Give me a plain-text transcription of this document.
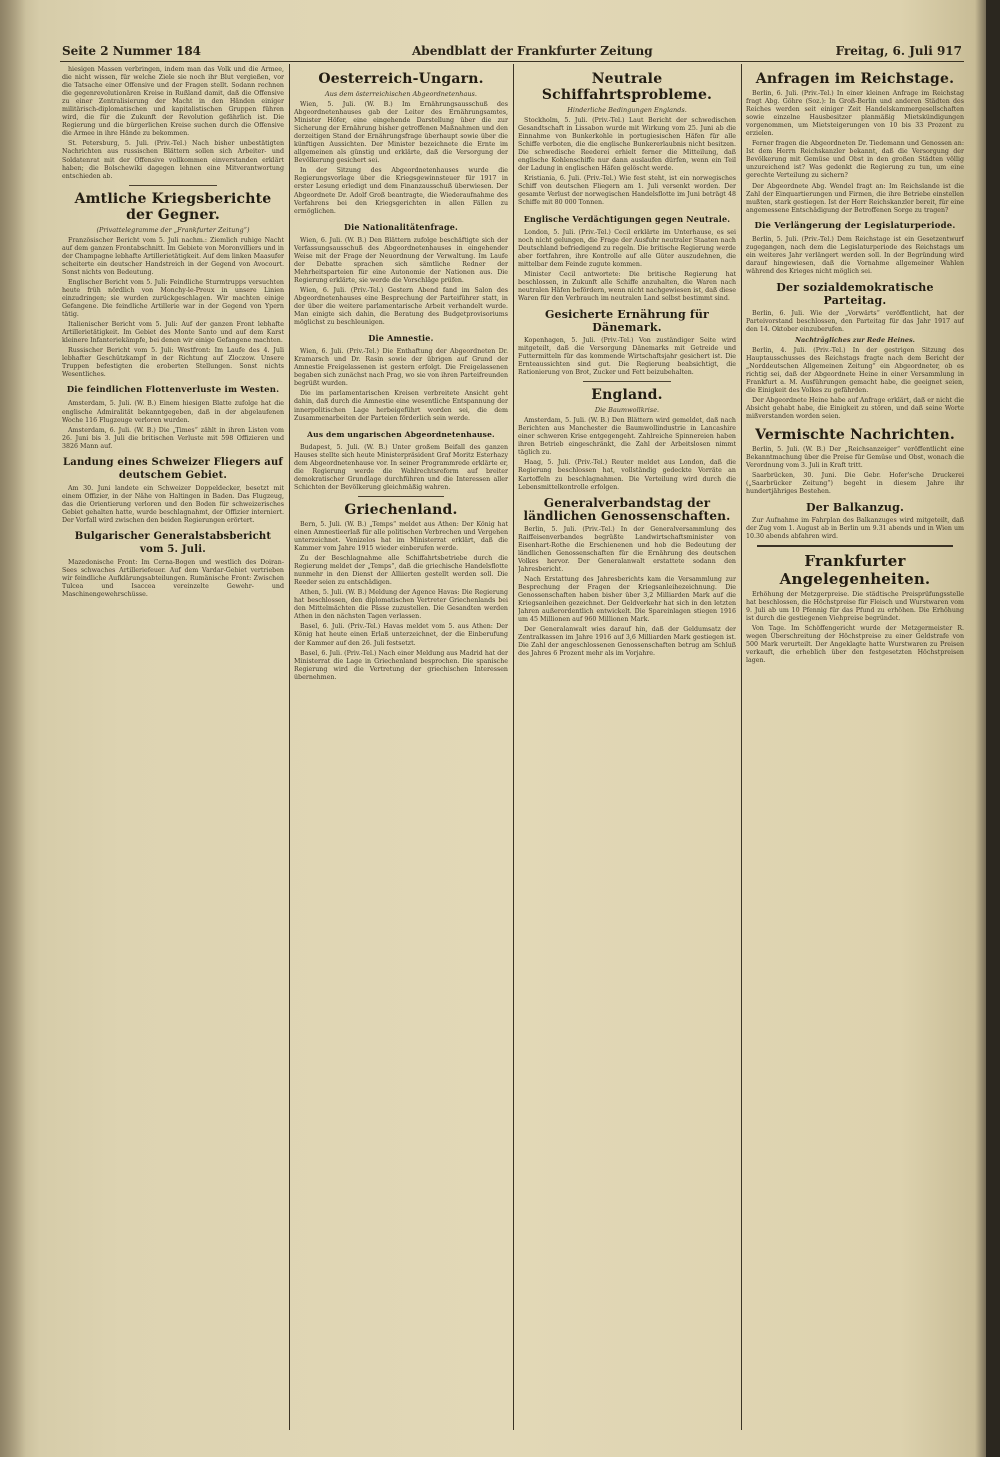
Seite 2 Nummer 184	Abendblatt der Frankfurter Zeitung	Freitag, 6. Juli 917

hiesigen Massen verbringen, indem man das Volk und die Armee, die nicht wissen, für welche Ziele sie noch ihr Blut vergießen, vor die Tatsache einer Offensive und der Fragen stellt. Sodann rechnen die gegenrevolutionären Kreise in Rußland damit, daß die Offensive zu einer Zentralisierung der Macht in den Händen einiger militärisch-diplomatischen und kapitalistischen Gruppen führen wird, die für die Zukunft der Revolution gefährlich ist. Die Regierung und die bürgerlichen Kreise suchen durch die Offensive die Armee in ihre Hände zu bekommen.

St. Petersburg, 5. Juli. (Priv.-Tel.) Nach bisher unbestätigten Nachrichten aus russischen Blättern sollen sich Arbeiter- und Soldatenrat mit der Offensive vollkommen einverstanden erklärt haben; die Bolschewiki dagegen lehnen eine Mitverantwortung entschieden ab.

Amtliche Kriegsberichte der Gegner.
(Privattelegramme der „Frankfurter Zeitung“)

Französischer Bericht vom 5. Juli nachm.: Ziemlich ruhige Nacht auf dem ganzen Frontabschnitt. Im Gebiete von Moronvilliers und in der Champagne lebhafte Artillerietätigkeit. Auf dem linken Maasufer scheiterte ein deutscher Handstreich in der Gegend von Avocourt. Sonst nichts von Bedeutung.

Englischer Bericht vom 5. Juli: Feindliche Sturmtrupps versuchten heute früh nördlich von Monchy-le-Preux in unsere Linien einzudringen; sie wurden zurückgeschlagen. Wir machten einige Gefangene. Die feindliche Artillerie war in der Gegend von Ypern tätig.

Italienischer Bericht vom 5. Juli: Auf der ganzen Front lebhafte Artillerietätigkeit. Im Gebiet des Monte Santo und auf dem Karst kleinere Infanteriekämpfe, bei denen wir einige Gefangene machten.

Russischer Bericht vom 5. Juli: Westfront: Im Laufe des 4. Juli lebhafter Geschützkampf in der Richtung auf Zloczow. Unsere Truppen befestigten die eroberten Stellungen. Sonst nichts Wesentliches.

Die feindlichen Flottenverluste im Westen.

Amsterdam, 5. Juli. (W. B.) Einem hiesigen Blatte zufolge hat die englische Admiralität bekanntgegeben, daß in der abgelaufenen Woche 116 Flugzeuge verloren wurden.

Amsterdam, 6. Juli. (W. B.) Die „Times“ zählt in ihren Listen vom 26. Juni bis 3. Juli die britischen Verluste mit 598 Offizieren und 3826 Mann auf.

Landung eines Schweizer Fliegers auf deutschem Gebiet.

Am 30. Juni landete ein Schweizer Doppeldecker, besetzt mit einem Offizier, in der Nähe von Haltingen in Baden. Das Flugzeug, das die Orientierung verloren und den Boden für schweizerisches Gebiet gehalten hatte, wurde beschlagnahmt, der Offizier interniert. Der Vorfall wird zwischen den beiden Regierungen erörtert.

Bulgarischer Generalstabsbericht vom 5. Juli.

Mazedonische Front: Im Cerna-Bogen und westlich des Doiran-Sees schwaches Artilleriefeuer. Auf dem Vardar-Gebiet vertrieben wir feindliche Aufklärungsabteilungen. Rumänische Front: Zwischen Tulcea und Isaccea vereinzelte Gewehr- und Maschinengewehrschüsse.

Oesterreich-Ungarn.
Aus dem österreichischen Abgeordnetenhaus.

Wien, 5. Juli. (W. B.) Im Ernährungsausschuß des Abgeordnetenhauses gab der Leiter des Ernährungsamtes, Minister Höfer, eine eingehende Darstellung über die zur Sicherung der Ernährung bisher getroffenen Maßnahmen und den derzeitigen Stand der Ernährungsfrage überhaupt sowie über die künftigen Aussichten. Der Minister bezeichnete die Ernte im allgemeinen als günstig und erklärte, daß die Versorgung der Bevölkerung gesichert sei.

In der Sitzung des Abgeordnetenhauses wurde die Regierungsvorlage über die Kriegsgewinnsteuer für 1917 in erster Lesung erledigt und dem Finanzausschuß überwiesen. Der Abgeordnete Dr. Adolf Groß beantragte, die Wiederaufnahme des Verfahrens bei den Kriegsgerichten in allen Fällen zu ermöglichen.

Die Nationalitätenfrage.

Wien, 6. Juli. (W. B.) Den Blättern zufolge beschäftigte sich der Verfassungsausschuß des Abgeordnetenhauses in eingehender Weise mit der Frage der Neuordnung der Verwaltung. Im Laufe der Debatte sprachen sich sämtliche Redner der Mehrheitsparteien für eine Autonomie der Nationen aus. Die Regierung erklärte, sie werde die Vorschläge prüfen.

Wien, 6. Juli. (Priv.-Tel.) Gestern Abend fand im Salon des Abgeordnetenhauses eine Besprechung der Parteiführer statt, in der über die weitere parlamentarische Arbeit verhandelt wurde. Man einigte sich dahin, die Beratung des Budgetprovisoriums möglichst zu beschleunigen.

Die Amnestie.

Wien, 6. Juli. (Priv.-Tel.) Die Enthaftung der Abgeordneten Dr. Kramarsch und Dr. Rasin sowie der übrigen auf Grund der Amnestie Freigelassenen ist gestern erfolgt. Die Freigelassenen begaben sich zunächst nach Prag, wo sie von ihren Parteifreunden begrüßt wurden.

Die im parlamentarischen Kreisen verbreitete Ansicht geht dahin, daß durch die Amnestie eine wesentliche Entspannung der innerpolitischen Lage herbeigeführt worden sei, die dem Zusammenarbeiten der Parteien förderlich sein werde.

Aus dem ungarischen Abgeordnetenhause.

Budapest, 5. Juli. (W. B.) Unter großem Beifall des ganzen Hauses stellte sich heute Ministerpräsident Graf Moritz Esterhazy dem Abgeordnetenhause vor. In seiner Programmrede erklärte er, die Regierung werde die Wahlrechtsreform auf breiter demokratischer Grundlage durchführen und die Interessen aller Schichten der Bevölkerung gleichmäßig wahren.

Griechenland.

Bern, 5. Juli. (W. B.) „Temps“ meldet aus Athen: Der König hat einen Amnestieerlaß für alle politischen Verbrechen und Vergehen unterzeichnet. Venizelos hat im Ministerrat erklärt, daß die Kammer vom Jahre 1915 wieder einberufen werde.

Zu der Beschlagnahme alle Schiffahrtsbetriebe durch die Regierung meldet der „Temps“, daß die griechische Handelsflotte nunmehr in den Dienst der Alliierten gestellt werden soll. Die Reeder seien zu entschädigen.

Athen, 5. Juli. (W. B.) Meldung der Agence Havas: Die Regierung hat beschlossen, den diplomatischen Vertreter Griechenlands bei den Mittelmächten die Pässe zuzustellen. Die Gesandten werden Athen in den nächsten Tagen verlassen.

Basel, 6. Juli. (Priv.-Tel.) Havas meldet vom 5. aus Athen: Der König hat heute einen Erlaß unterzeichnet, der die Einberufung der Kammer auf den 26. Juli festsetzt.

Basel, 6. Juli. (Priv.-Tel.) Nach einer Meldung aus Madrid hat der Ministerrat die Lage in Griechenland besprochen. Die spanische Regierung wird die Vertretung der griechischen Interessen übernehmen.

Neutrale Schiffahrtsprobleme.
Hinderliche Bedingungen Englands.

Stockholm, 5. Juli. (Priv.-Tel.) Laut Bericht der schwedischen Gesandtschaft in Lissabon wurde mit Wirkung vom 25. Juni ab die Einnahme von Bunkerkohle in portugiesischen Häfen für alle Schiffe verboten, die die englische Bunkererlaubnis nicht besitzen. Die schwedische Reederei erhielt ferner die Mitteilung, daß englische Kohlenschiffe nur dann auslaufen dürfen, wenn ein Teil der Ladung in englischen Häfen gelöscht werde.

Kristiania, 6. Juli. (Priv.-Tel.) Wie fest steht, ist ein norwegisches Schiff von deutschen Fliegern am 1. Juli versenkt worden. Der gesamte Verlust der norwegischen Handelsflotte im Juni beträgt 48 Schiffe mit 80 000 Tonnen.

Englische Verdächtigungen gegen Neutrale.

London, 5. Juli. (Priv.-Tel.) Cecil erklärte im Unterhause, es sei noch nicht gelungen, die Frage der Ausfuhr neutraler Staaten nach Deutschland befriedigend zu regeln. Die britische Regierung werde aber fortfahren, ihre Kontrolle auf alle Güter auszudehnen, die mittelbar dem Feinde zugute kommen.

Minister Cecil antwortete: Die britische Regierung hat beschlossen, in Zukunft alle Schiffe anzuhalten, die Waren nach neutralen Häfen befördern, wenn nicht nachgewiesen ist, daß diese Waren für den Verbrauch im neutralen Land selbst bestimmt sind.

Gesicherte Ernährung für Dänemark.

Kopenhagen, 5. Juli. (Priv.-Tel.) Von zuständiger Seite wird mitgeteilt, daß die Versorgung Dänemarks mit Getreide und Futtermitteln für das kommende Wirtschaftsjahr gesichert ist. Die Ernteaussichten sind gut. Die Regierung beabsichtigt, die Rationierung von Brot, Zucker und Fett beizubehalten.

England.
Die Baumwollkrise.

Amsterdam, 5. Juli. (W. B.) Den Blättern wird gemeldet, daß nach Berichten aus Manchester die Baumwollindustrie in Lancashire einer schweren Krise entgegengeht. Zahlreiche Spinnereien haben ihren Betrieb eingeschränkt, die Zahl der Arbeitslosen nimmt täglich zu.

Haag, 5. Juli. (Priv.-Tel.) Reuter meldet aus London, daß die Regierung beschlossen hat, vollständig gedeckte Vorräte an Kartoffeln zu beschlagnahmen. Die Verteilung wird durch die Lebensmittelkontrolle erfolgen.

Generalverbandstag der ländlichen Genossenschaften.

Berlin, 5. Juli. (Priv.-Tel.) In der Generalversammlung des Raiffeisenverbandes begrüßte Landwirtschaftsminister von Eisenhart-Rothe die Erschienenen und hob die Bedeutung der ländlichen Genossenschaften für die Ernährung des deutschen Volkes hervor. Der Generalanwalt erstattete sodann den Jahresbericht.

Nach Erstattung des Jahresberichts kam die Versammlung zur Besprechung der Fragen der Kriegsanleihezeichnung. Die Genossenschaften haben bisher über 3,2 Milliarden Mark auf die Kriegsanleihen gezeichnet. Der Geldverkehr hat sich in den letzten Jahren außerordentlich entwickelt. Die Spareinlagen stiegen 1916 um 45 Millionen auf 960 Millionen Mark.

Der Generalanwalt wies darauf hin, daß der Geldumsatz der Zentralkassen im Jahre 1916 auf 3,6 Milliarden Mark gestiegen ist. Die Zahl der angeschlossenen Genossenschaften betrug am Schluß des Jahres 6 Prozent mehr als im Vorjahre.

Anfragen im Reichstage.

Berlin, 6. Juli. (Priv.-Tel.) In einer kleinen Anfrage im Reichstag fragt Abg. Göhre (Soz.): In Groß-Berlin und anderen Städten des Reiches werden seit einiger Zeit Handelskammergesellschaften sowie einzelne Hausbesitzer planmäßig Mietskündigungen vorgenommen, um Mietsteigerungen von 10 bis 33 Prozent zu erzielen.

Ferner fragen die Abgeordneten Dr. Tiedemann und Genossen an: Ist dem Herrn Reichskanzler bekannt, daß die Versorgung der Bevölkerung mit Gemüse und Obst in den großen Städten völlig unzureichend ist? Was gedenkt die Regierung zu tun, um eine gerechte Verteilung zu sichern?

Der Abgeordnete Abg. Wendel fragt an: Im Reichslande ist die Zahl der Einquartierungen und Firmen, die ihre Betriebe einstellen mußten, stark gestiegen. Ist der Herr Reichskanzler bereit, für eine angemessene Entschädigung der Betroffenen Sorge zu tragen?

Die Verlängerung der Legislaturperiode.

Berlin, 5. Juli. (Priv.-Tel.) Dem Reichstage ist ein Gesetzentwurf zugegangen, nach dem die Legislaturperiode des Reichstags um ein weiteres Jahr verlängert werden soll. In der Begründung wird darauf hingewiesen, daß die Vornahme allgemeiner Wahlen während des Krieges nicht möglich sei.

Der sozialdemokratische Parteitag.

Berlin, 6. Juli. Wie der „Vorwärts“ veröffentlicht, hat der Parteivorstand beschlossen, den Parteitag für das Jahr 1917 auf den 14. Oktober einzuberufen.

Nachträgliches zur Rede Heines.

Berlin, 4. Juli. (Priv.-Tel.) In der gestrigen Sitzung des Hauptausschusses des Reichstags fragte nach dem Bericht der „Norddeutschen Allgemeinen Zeitung“ ein Abgeordneter, ob es richtig sei, daß der Abgeordnete Heine in einer Versammlung in Frankfurt a. M. Ausführungen gemacht habe, die geeignet seien, die Einigkeit des Volkes zu gefährden.

Der Abgeordnete Heine habe auf Anfrage erklärt, daß er nicht die Absicht gehabt habe, die Einigkeit zu stören, und daß seine Worte mißverstanden worden seien.

Vermischte Nachrichten.

Berlin, 5. Juli. (W. B.) Der „Reichsanzeiger“ veröffentlicht eine Bekanntmachung über die Preise für Gemüse und Obst, wonach die Verordnung vom 3. Juli in Kraft tritt.

Saarbrücken, 30. Juni. Die Gebr. Hofer'sche Druckerei („Saarbrücker Zeitung“) begeht in diesem Jahre ihr hundertjähriges Bestehen.

Der Balkanzug.

Zur Aufnahme im Fahrplan des Balkanzuges wird mitgeteilt, daß der Zug vom 1. August ab in Berlin um 9.31 abends und in Wien um 10.30 abends abfahren wird.

Frankfurter Angelegenheiten.

Erhöhung der Metzgerpreise. Die städtische Preisprüfungsstelle hat beschlossen, die Höchstpreise für Fleisch und Wurstwaren vom 9. Juli ab um 10 Pfennig für das Pfund zu erhöhen. Die Erhöhung ist durch die gestiegenen Viehpreise begründet.

Von Tage. Im Schöffengericht wurde der Metzgermeister R. wegen Überschreitung der Höchstpreise zu einer Geldstrafe von 500 Mark verurteilt. Der Angeklagte hatte Wurstwaren zu Preisen verkauft, die erheblich über den festgesetzten Höchstpreisen lagen.
